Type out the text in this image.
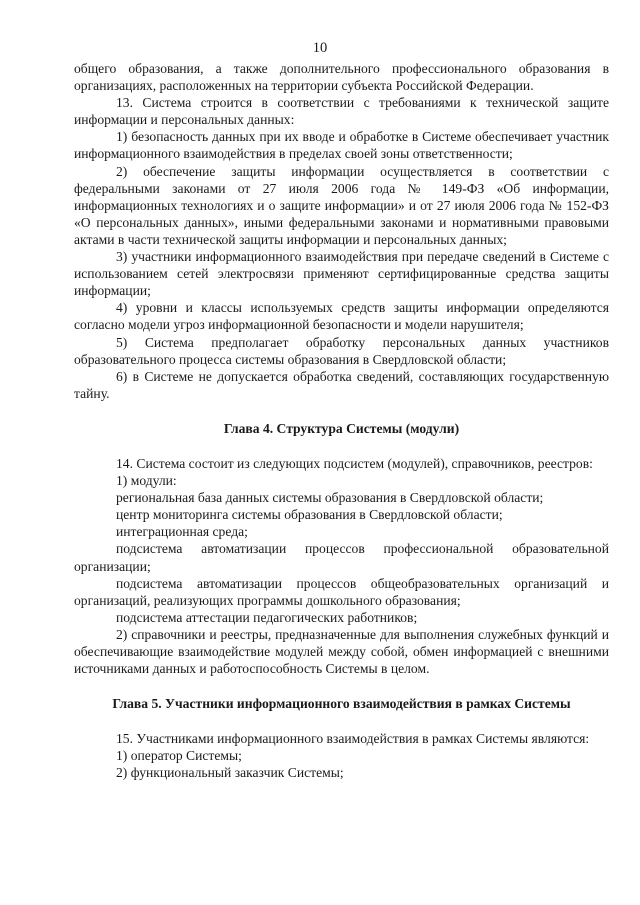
10

общего образования, а также дополнительного профессионального образования в организациях, расположенных на территории субъекта Российской Федерации.

13. Система строится в соответствии с требованиями к технической защите информации и персональных данных:

1) безопасность данных при их вводе и обработке в Системе обеспечивает участник информационного взаимодействия в пределах своей зоны ответственности;

2) обеспечение защиты информации осуществляется в соответствии с федеральными законами от 27 июля 2006 года № 149-ФЗ «Об информации, информационных технологиях и о защите информации» и от 27 июля 2006 года № 152-ФЗ «О персональных данных», иными федеральными законами и нормативными правовыми актами в части технической защиты информации и персональных данных;

3) участники информационного взаимодействия при передаче сведений в Системе с использованием сетей электросвязи применяют сертифицированные средства защиты информации;

4) уровни и классы используемых средств защиты информации определяются согласно модели угроз информационной безопасности и модели нарушителя;

5) Система предполагает обработку персональных данных участников образовательного процесса системы образования в Свердловской области;

6) в Системе не допускается обработка сведений, составляющих государственную тайну.

Глава 4. Структура Системы (модули)

14. Система состоит из следующих подсистем (модулей), справочников, реестров:

1) модули:

региональная база данных системы образования в Свердловской области;

центр мониторинга системы образования в Свердловской области;

интеграционная среда;

подсистема автоматизации процессов профессиональной образовательной организации;

подсистема автоматизации процессов общеобразовательных организаций и организаций, реализующих программы дошкольного образования;

подсистема аттестации педагогических работников;

2) справочники и реестры, предназначенные для выполнения служебных функций и обеспечивающие взаимодействие модулей между собой, обмен информацией с внешними источниками данных и работоспособность Системы в целом.

Глава 5. Участники информационного взаимодействия в рамках Системы

15. Участниками информационного взаимодействия в рамках Системы являются:

1) оператор Системы;

2) функциональный заказчик Системы;
